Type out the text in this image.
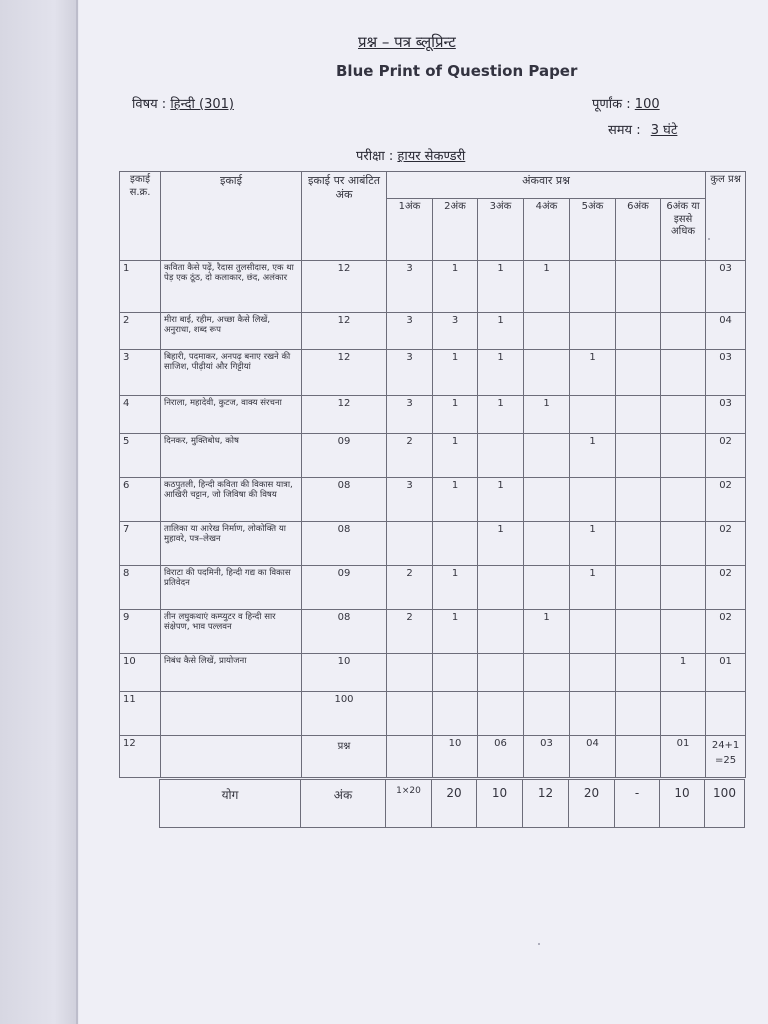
प्रश्न – पत्र ब्लूप्रिन्ट
Blue Print of Question Paper
विषय : हिन्दी (301)	पूर्णांक : 100
समय : 3 घंटे
परीक्षा : हायर सेकण्डरी
इकाई स.क्र.	इकाई	इकाई पर आबंटित अंक	अंकवार प्रश्न							कुल प्रश्न
			1अंक	2अंक	3अंक	4अंक	5अंक	6अंक	6अंक या इससे अधिक	
1	कविता कैसे पढ़ें, रैदास तुलसीदास, एक था पेड़ एक ठूंठ, दो कलाकार, छंद, अलंकार	12	3	1	1	1				03
2	मीरा बाई, रहीम, अच्छा कैसे लिखें, अनुराधा, शब्द रूप	12	3	3	1					04
3	बिहारी, पदमाकर, अनपढ़ बनाए रखने की साजिश, पीढ़ीयां और गिट्टीयां	12	3	1	1		1			03
4	निराला, महादेवी, कुटज, वाक्य संरचना	12	3	1	1	1				03
5	दिनकर, मुक्तिबोध, कोष	09	2	1			1			02
6	कठपुतली, हिन्दी कविता की विकास यात्रा, आखिरी चट्टान, जो जिविषा की विषय	08	3	1	1					02
7	तालिका या आरेख निर्माण, लोकोक्ति या मुहावरे, पत्र–लेखन	08			1		1			02
8	विराटा की पदमिनी, हिन्दी गद्य का विकास प्रतिवेदन	09	2	1			1			02
9	तीन लघुकथाएं कम्प्युटर व हिन्दी सार संक्षेपण, भाव पल्लवन	08	2	1		1				02
10	निबंध कैसे लिखें, प्रायोजना	10							1	01
11		100								
12		प्रश्न		10	06	03	04		01	24+1 =25
योग	अंक	1×20	20	10	12	20	-	10	100
